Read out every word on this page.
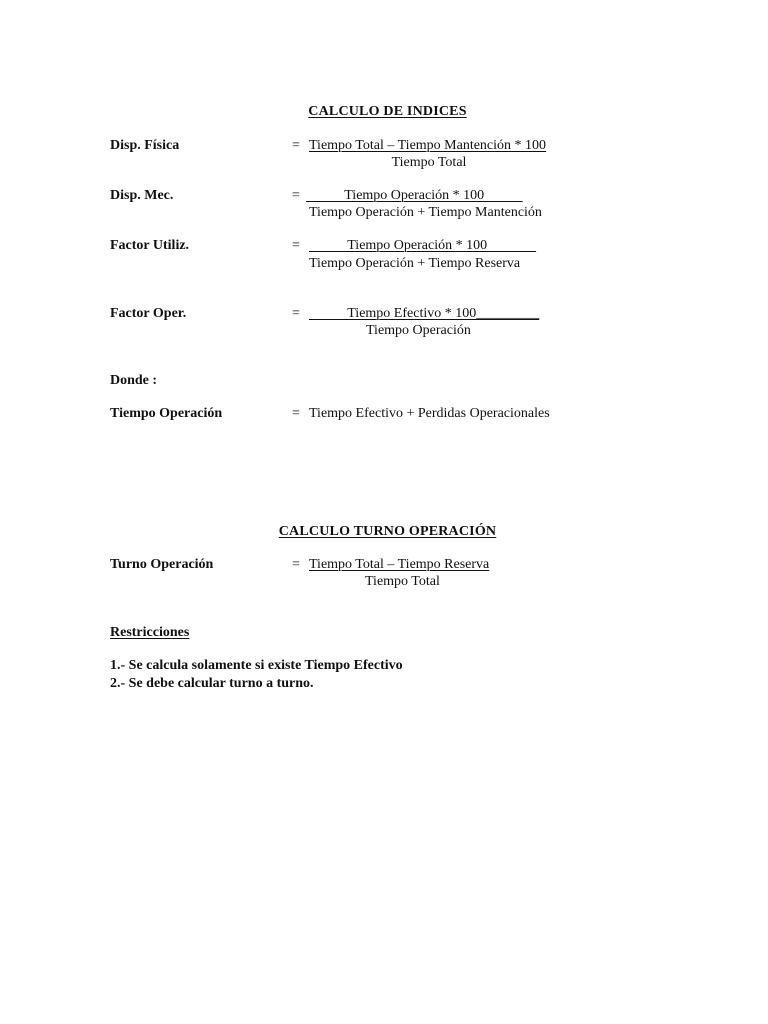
CALCULO DE INDICES

Disp. Física	= Tiempo Total – Tiempo Mantención * 100
Tiempo Total
Disp. Mec.	= Tiempo Operación * 100
Tiempo Operación + Tiempo Mantención
Factor Utiliz.	= Tiempo Operación * 100
Tiempo Operación + Tiempo Reserva
Factor Oper.	= Tiempo Efectivo * 100_________
Tiempo Operación
Donde :
Tiempo Operación	= Tiempo Efectivo + Perdidas Operacionales

CALCULO TURNO OPERACIÓN

Turno Operación	= Tiempo Total – Tiempo Reserva
Tiempo Total
Restricciones
1.- Se calcula solamente si existe Tiempo Efectivo
2.- Se debe calcular turno a turno.
